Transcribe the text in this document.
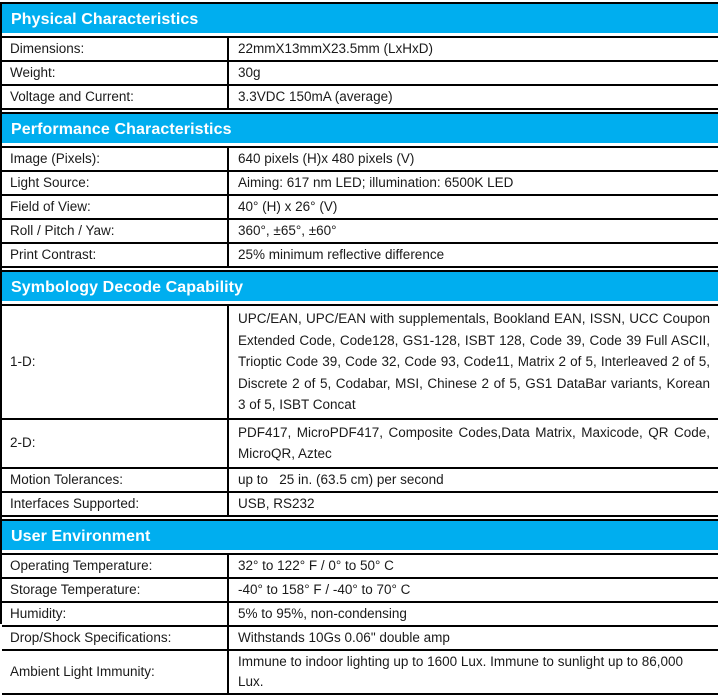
Physical Characteristics
Dimensions:	22mmX13mmX23.5mm (LxHxD)
Weight:	30g
Voltage and Current:	3.3VDC 150mA (average)
Performance Characteristics
Image (Pixels):	640 pixels (H)x 480 pixels (V)
Light Source:	Aiming: 617 nm LED; illumination: 6500K LED
Field of View:	40° (H) x 26° (V)
Roll / Pitch / Yaw:	360°, ±65°, ±60°
Print Contrast:	25% minimum reflective difference
Symbology Decode Capability
1-D:
UPC/EAN, UPC/EAN with supplementals, Bookland EAN, ISSN, UCC Coupon Extended Code, Code128, GS1-128, ISBT 128, Code 39, Code 39 Full ASCII, Trioptic Code 39, Code 32, Code 93, Code11, Matrix 2 of 5, Interleaved 2 of 5, Discrete 2 of 5, Codabar, MSI, Chinese 2 of 5, GS1 DataBar variants, Korean 3 of 5, ISBT Concat
2-D:
PDF417, MicroPDF417, Composite Codes,Data Matrix, Maxicode, QR Code, MicroQR, Aztec
Motion Tolerances:	up to   25 in. (63.5 cm) per second
Interfaces Supported:	USB, RS232
User Environment
Operating Temperature:	32° to 122° F / 0° to 50° C
Storage Temperature:	-40° to 158° F / -40° to 70° C
Humidity:	5% to 95%, non-condensing
Drop/Shock Specifications:	Withstands 10Gs 0.06" double amp
Ambient Light Immunity:
Immune to indoor lighting up to 1600 Lux. Immune to sunlight up to 86,000 Lux.
